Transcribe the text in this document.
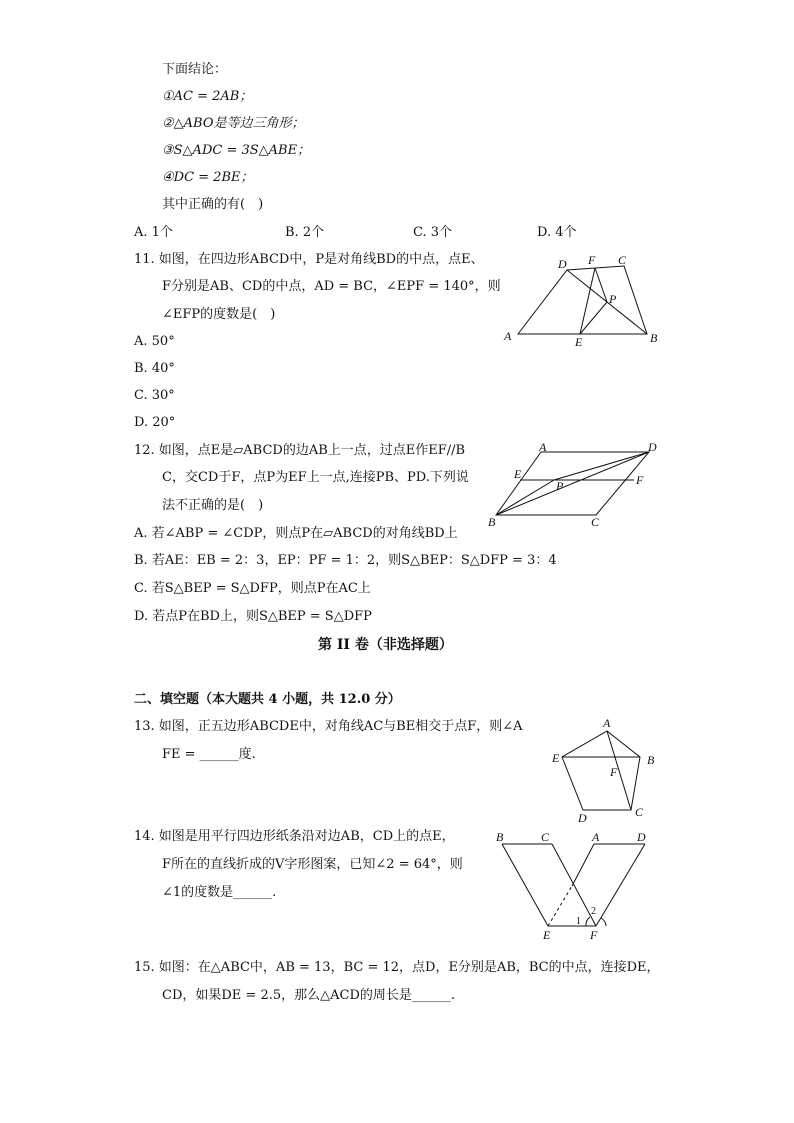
下面结论：
①AC = 2AB；
②△ABO是等边三角形；
③S△ADC = 3S△ABE；
④DC = 2BE；
其中正确的有(　)
A. 1个	B. 2个	C. 3个	D. 4个
11. 如图，在四边形ABCD中，P是对角线BD的中点，点E、
F分别是AB、CD的中点，AD = BC，∠EPF = 140°，则
∠EFP的度数是(　)
A. 50°
B. 40°
C. 30°
D. 20°
D F C
P
A	E	B
12. 如图，点E是▱ABCD的边AB上一点，过点E作EF//B
C，交CD于F，点P为EF上一点,连接PB、PD.下列说
法不正确的是(　)
A. 若∠ABP = ∠CDP，则点P在▱ABCD的对角线BD上
B. 若AE：EB = 2：3，EP：PF = 1：2，则S△BEP：S△DFP = 3：4
C. 若S△BEP = S△DFP，则点P在AC上
D. 若点P在BD上，则S△BEP = S△DFP
A	D
E
P	F
B	C
第 II 卷（非选择题）
二、填空题（本大题共 4 小题，共 12.0 分）
13. 如图，正五边形ABCDE中，对角线AC与BE相交于点F，则∠A
FE = ______度.
A
E
F
B
D	C
14. 如图是用平行四边形纸条沿对边AB，CD上的点E，
F所在的直线折成的V字形图案，已知∠2 = 64°，则
∠1的度数是______.
B	C	A	D
E	F
1
2
15. 如图：在△ABC中，AB = 13，BC = 12，点D，E分别是AB，BC的中点，连接DE，
CD，如果DE = 2.5，那么△ACD的周长是______.
